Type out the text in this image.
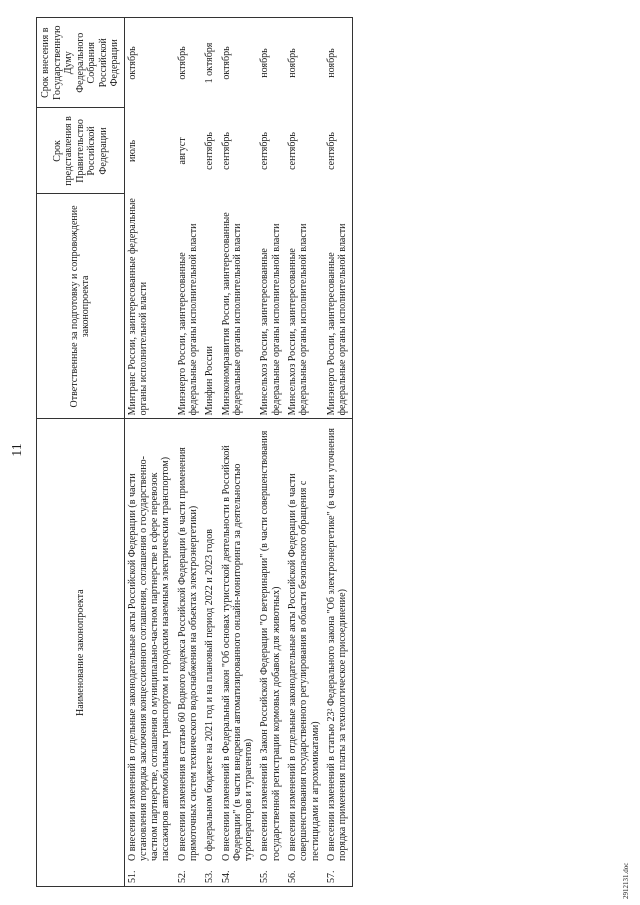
11
Наименование законопроекта	Ответственные за подготовку и сопровождение законопроекта	Срок представления в Правительство Российской Федерации	Срок внесения в Государственную Думу Федерального Собрания Российской Федерации

51.
О внесении изменений в отдельные законодательные акты Российской Федерации (в части установления порядка заключения концессионного соглашения, соглашения о государственно-частном партнерстве, соглашения о муниципально-частном партнерстве в сфере перевозок пассажиров автомобильным транспортом и городским наземным электрическим транспортом)	Минтранс России, заинтересованные федеральные органы исполнительной власти	июль	октябрь

52.
О внесении изменения в статью 60 Водного кодекса Российской Федерации (в части применения прямоточных систем технического водоснабжения на объектах электроэнергетики)	Минэнерго России, заинтересованные федеральные органы исполнительной власти	август	октябрь

53.
О федеральном бюджете на 2021 год и на плановый период 2022 и 2023 годов	Минфин России	сентябрь	1 октября

54.
О внесении изменений в Федеральный закон "Об основах туристской деятельности в Российской Федерации" (в части внедрения автоматизированного онлайн-мониторинга за деятельностью туроператоров и турагентов)	Минэкономразвития России, заинтересованные федеральные органы исполнительной власти	сентябрь	октябрь

55.
О внесении изменений в Закон Российской Федерации "О ветеринарии" (в части совершенствования государственной регистрации кормовых добавок для животных)	Минсельхоз России, заинтересованные федеральные органы исполнительной власти	сентябрь	ноябрь

56.
О внесении изменений в отдельные законодательные акты Российской Федерации (в части совершенствования государственного регулирования в области безопасного обращения с пестицидами и агрохимикатами)	Минсельхоз России, заинтересованные федеральные органы исполнительной власти	сентябрь	ноябрь

57.
О внесении изменений в статью 23² Федерального закона "Об электроэнергетике" (в части уточнения порядка применения платы за технологическое присоединение)	Минэнерго России, заинтересованные федеральные органы исполнительной власти	сентябрь	ноябрь
2912131.doc
